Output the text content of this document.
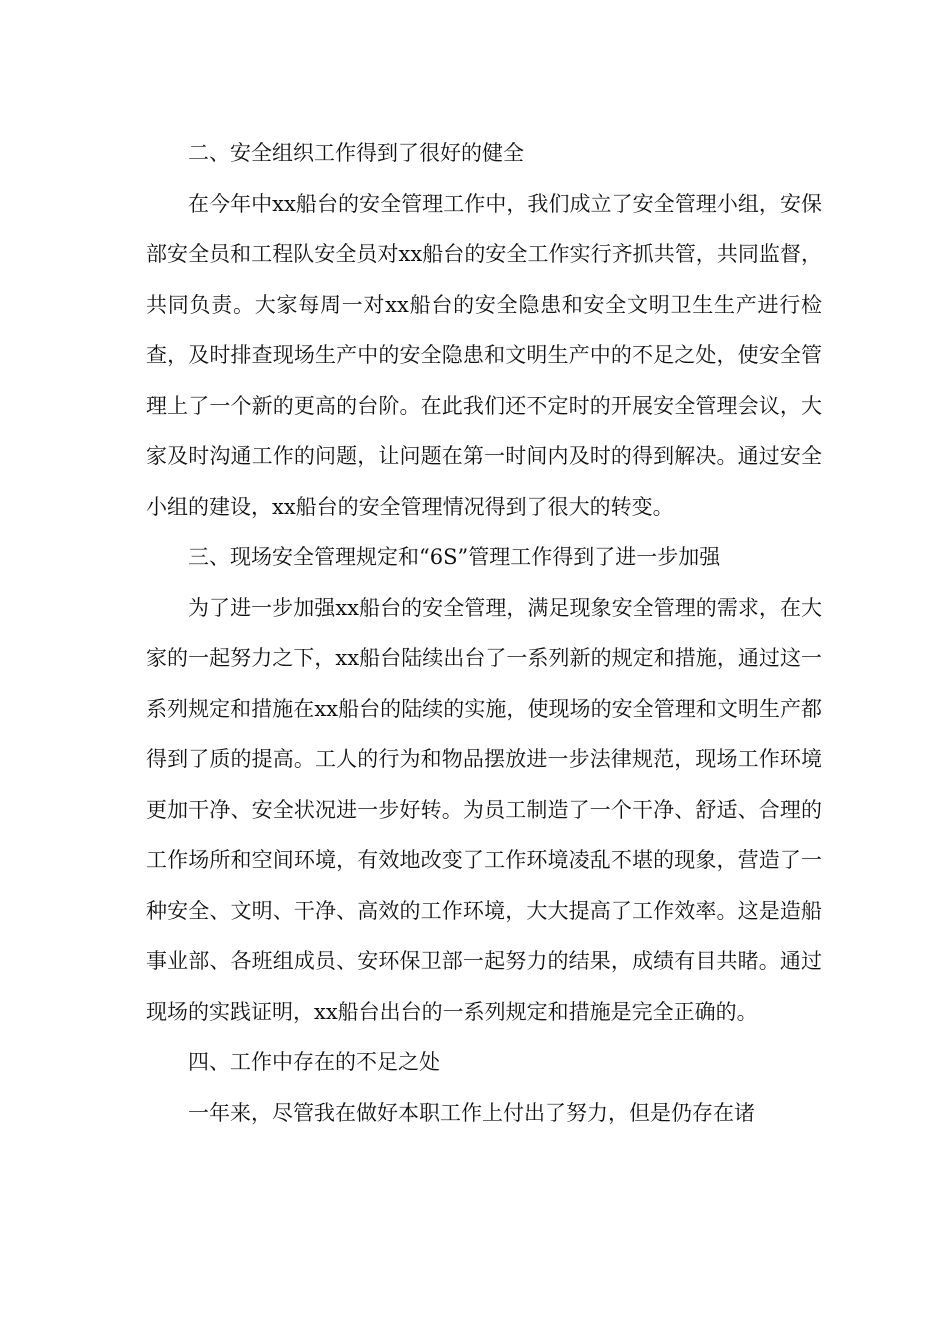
二、安全组织工作得到了很好的健全

在今年中xx船台的安全管理工作中，我们成立了安全管理小组，安保部安全员和工程队安全员对xx船台的安全工作实行齐抓共管，共同监督，共同负责。大家每周一对xx船台的安全隐患和安全文明卫生生产进行检查，及时排查现场生产中的安全隐患和文明生产中的不足之处，使安全管理上了一个新的更高的台阶。在此我们还不定时的开展安全管理会议，大家及时沟通工作的问题，让问题在第一时间内及时的得到解决。通过安全小组的建设，xx船台的安全管理情况得到了很大的转变。

三、现场安全管理规定和“6S”管理工作得到了进一步加强

为了进一步加强xx船台的安全管理，满足现象安全管理的需求，在大家的一起努力之下，xx船台陆续出台了一系列新的规定和措施，通过这一系列规定和措施在xx船台的陆续的实施，使现场的安全管理和文明生产都得到了质的提高。工人的行为和物品摆放进一步法律规范，现场工作环境更加干净、安全状况进一步好转。为员工制造了一个干净、舒适、合理的工作场所和空间环境，有效地改变了工作环境凌乱不堪的现象，营造了一种安全、文明、干净、高效的工作环境，大大提高了工作效率。这是造船事业部、各班组成员、安环保卫部一起努力的结果，成绩有目共睹。通过现场的实践证明，xx船台出台的一系列规定和措施是完全正确的。

四、工作中存在的不足之处

一年来，尽管我在做好本职工作上付出了努力，但是仍存在诸
